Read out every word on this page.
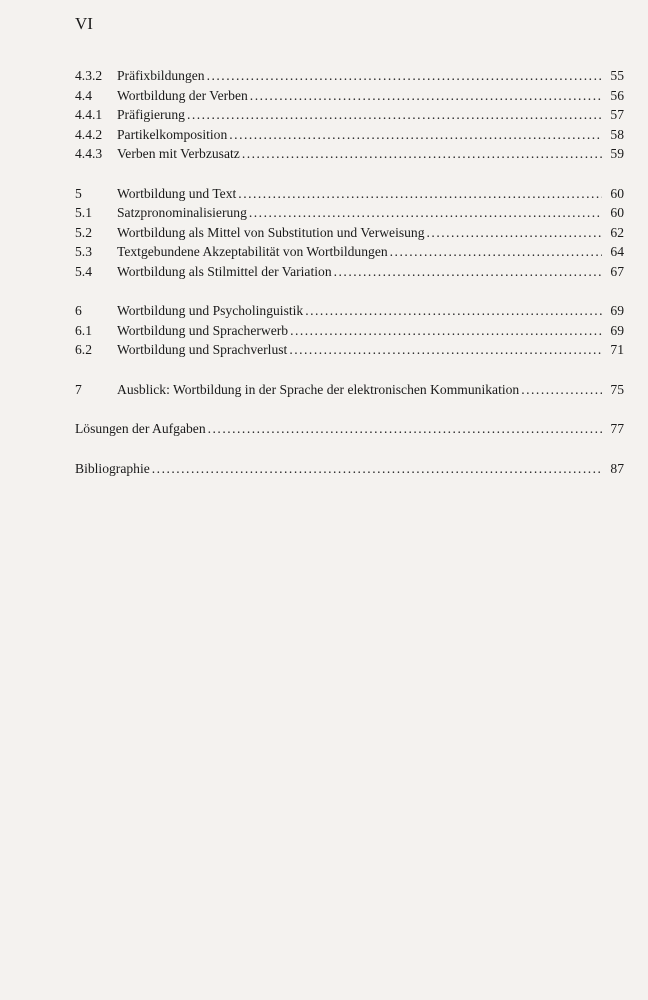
VI
4.3.2	Präfixbildungen .....	55
4.4	Wortbildung der Verben .....	56
4.4.1	Präfigierung .....	57
4.4.2	Partikelkomposition .....	58
4.4.3	Verben mit Verbzusatz .....	59
5	Wortbildung und Text .....	60
5.1	Satzpronominalisierung .....	60
5.2	Wortbildung als Mittel von Substitution und Verweisung .....	62
5.3	Textgebundene Akzeptabilität von Wortbildungen .....	64
5.4	Wortbildung als Stilmittel der Variation .....	67
6	Wortbildung und Psycholinguistik .....	69
6.1	Wortbildung und Spracherwerb .....	69
6.2	Wortbildung und Sprachverlust .....	71
7	Ausblick: Wortbildung in der Sprache der elektronischen Kommunikation .....	75
Lösungen der Aufgaben .....	77
Bibliographie .....	87
